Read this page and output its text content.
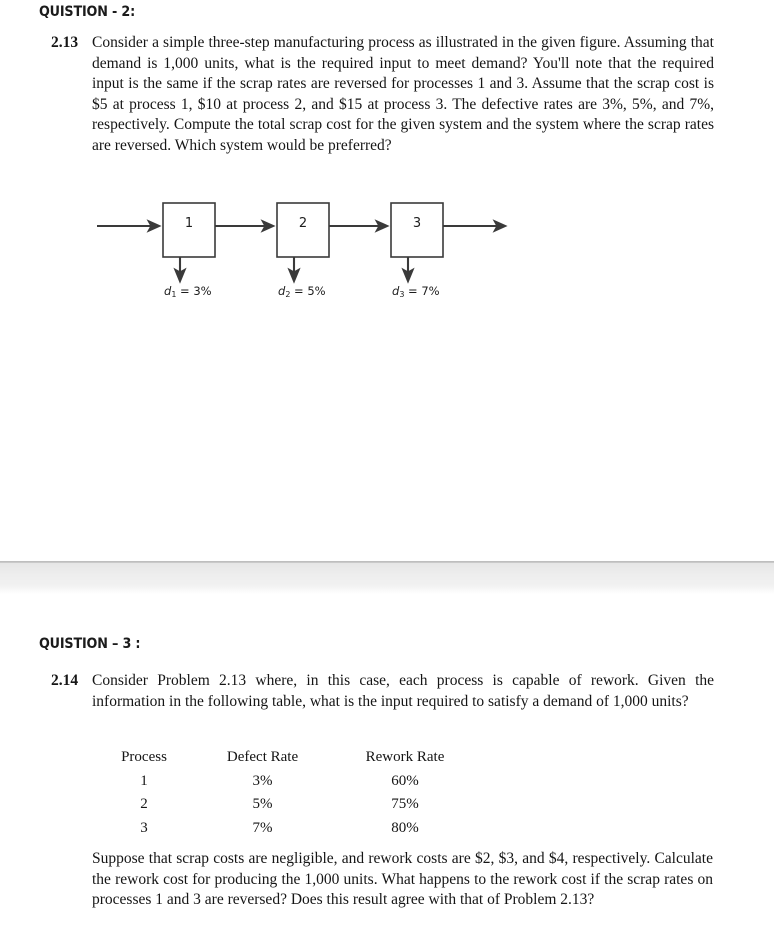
QUISTION - 2:
2.13 Consider a simple three-step manufacturing process as illustrated in the given figure. Assuming that demand is 1,000 units, what is the required input to meet demand? You'll note that the required input is the same if the scrap rates are reversed for processes 1 and 3. Assume that the scrap cost is $5 at process 1, $10 at process 2, and $15 at process 3. The defective rates are 3%, 5%, and 7%, respectively. Compute the total scrap cost for the given system and the system where the scrap rates are reversed. Which system would be preferred?

1	2	3
$d_1 = 3\%$	$d_2 = 5\%$	$d_3 = 7\%$
QUISTION – 3 :
2.14 Consider Problem 2.13 where, in this case, each process is capable of rework. Given the information in the following table, what is the input required to satisfy a demand of 1,000 units?

Process	Defect Rate	Rework Rate
1	3%	60%
2	5%	75%
3	7%	80%

Suppose that scrap costs are negligible, and rework costs are $2, $3, and $4, respectively. Calculate the rework cost for producing the 1,000 units. What happens to the rework cost if the scrap rates on processes 1 and 3 are reversed? Does this result agree with that of Problem 2.13?
